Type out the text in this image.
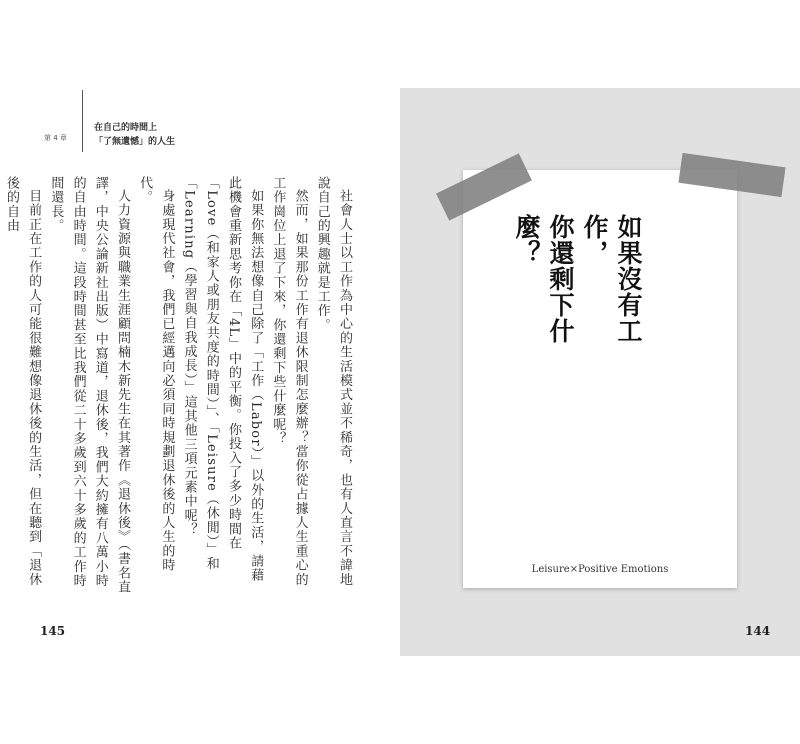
第 4 章
在自己的時間上
「了無遺憾」的人生
社會人士以工作為中心的生活模式並不稀奇，也有人直言不諱地說自己的興趣就是工作。
然而，如果那份工作有退休限制怎麼辦？當你從占據人生重心的工作崗位上退了下來，你還剩下些什麼呢？
如果你無法想像自己除了「工作（Labor）」以外的生活，請藉此機會重新思考你在「4L」中的平衡。你投入了多少時間在「Love（和家人或朋友共度的時間）」、「Leisure（休閒）」和「Learning（學習與自我成長）」這其他三項元素中呢？
身處現代社會，我們已經邁向必須同時規劃退休後的人生的時代。
人力資源與職業生涯顧問楠木新先生在其著作《退休後》（書名直譯，中央公論新社出版）中寫道，退休後，我們大約擁有八萬小時的自由時間。這段時間甚至比我們從二十多歲到六十多歲的工作時間還長。
目前正在工作的人可能很難想像退休後的生活，但在聽到「退休後的自由
145
如果沒有工作，
你還剩下什麼？
Leisure×Positive Emotions
144
